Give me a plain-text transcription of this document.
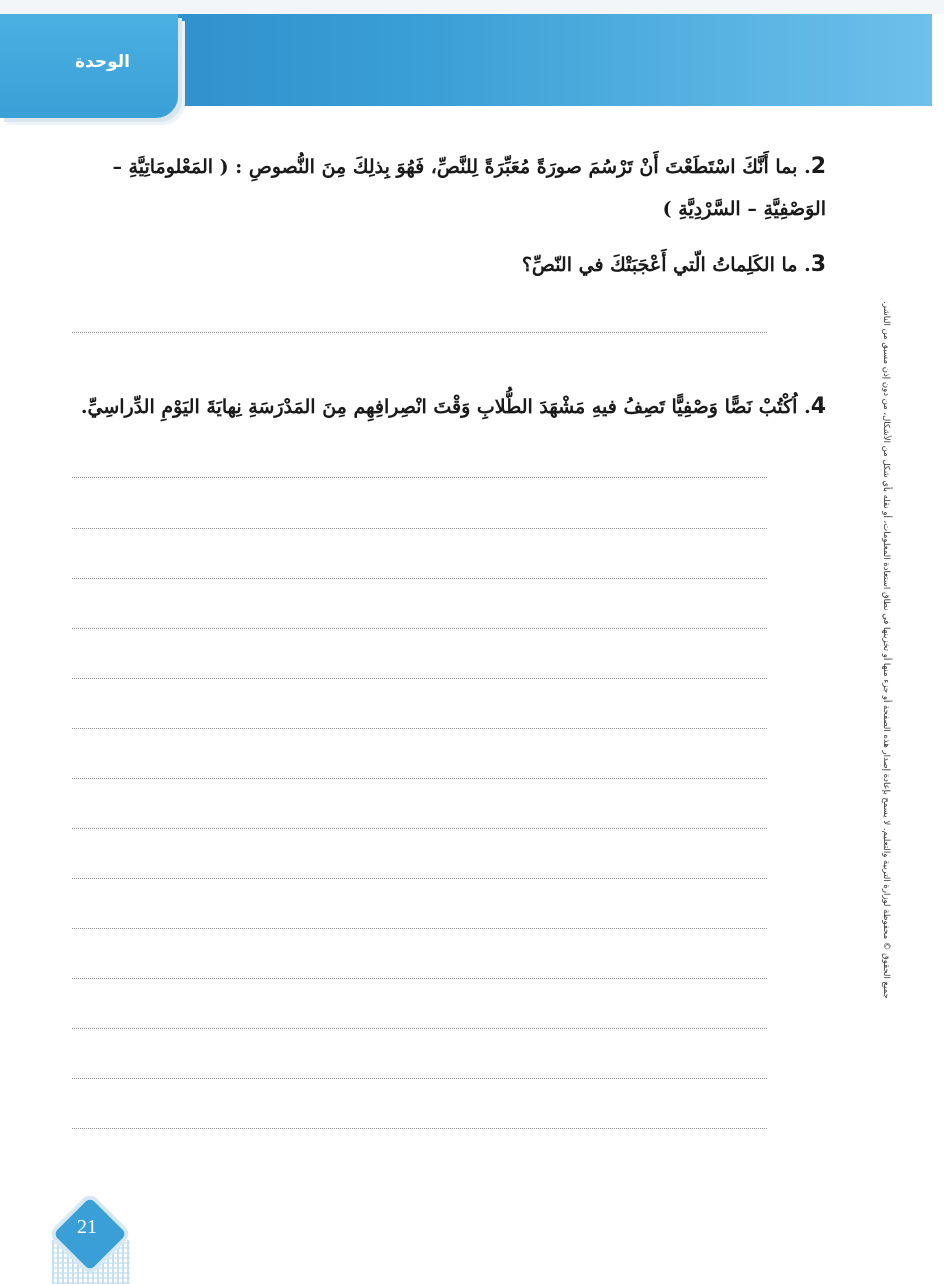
الوحدة
2. بما أَنَّكَ اسْتَطَعْتَ أَنْ تَرْسُمَ صورَةً مُعَبِّرَةً لِلنَّصِّ، فَهُوَ بِذلِكَ مِنَ النُّصوصِ : ( المَعْلومَاتِيَّةِ – الوَصْفِيَّةِ – السَّرْدِيَّةِ )
3. ما الكَلِماتُ الّتي أَعْجَبَتْكَ في النّصِّ؟
4. اُكْتُبْ نَصًّا وَصْفِيًّا تَصِفُ فيهِ مَشْهَدَ الطُّلابِ وَقْتَ انْصِرافِهِم مِنَ المَدْرَسَةِ نِهايَةَ اليَوْمِ الدِّراسِيِّ.	جميع الحقوق © محفوظة لوزارة التربية والتعليم. لا يسمح بإعادة إصدار هذه الصفحة أو جزء منها أو تخزينها في نطاق استعادة المعلومات، أو نقله بأي شكل من الأشكال، من دون إذن مسبق من الناشر.
21
